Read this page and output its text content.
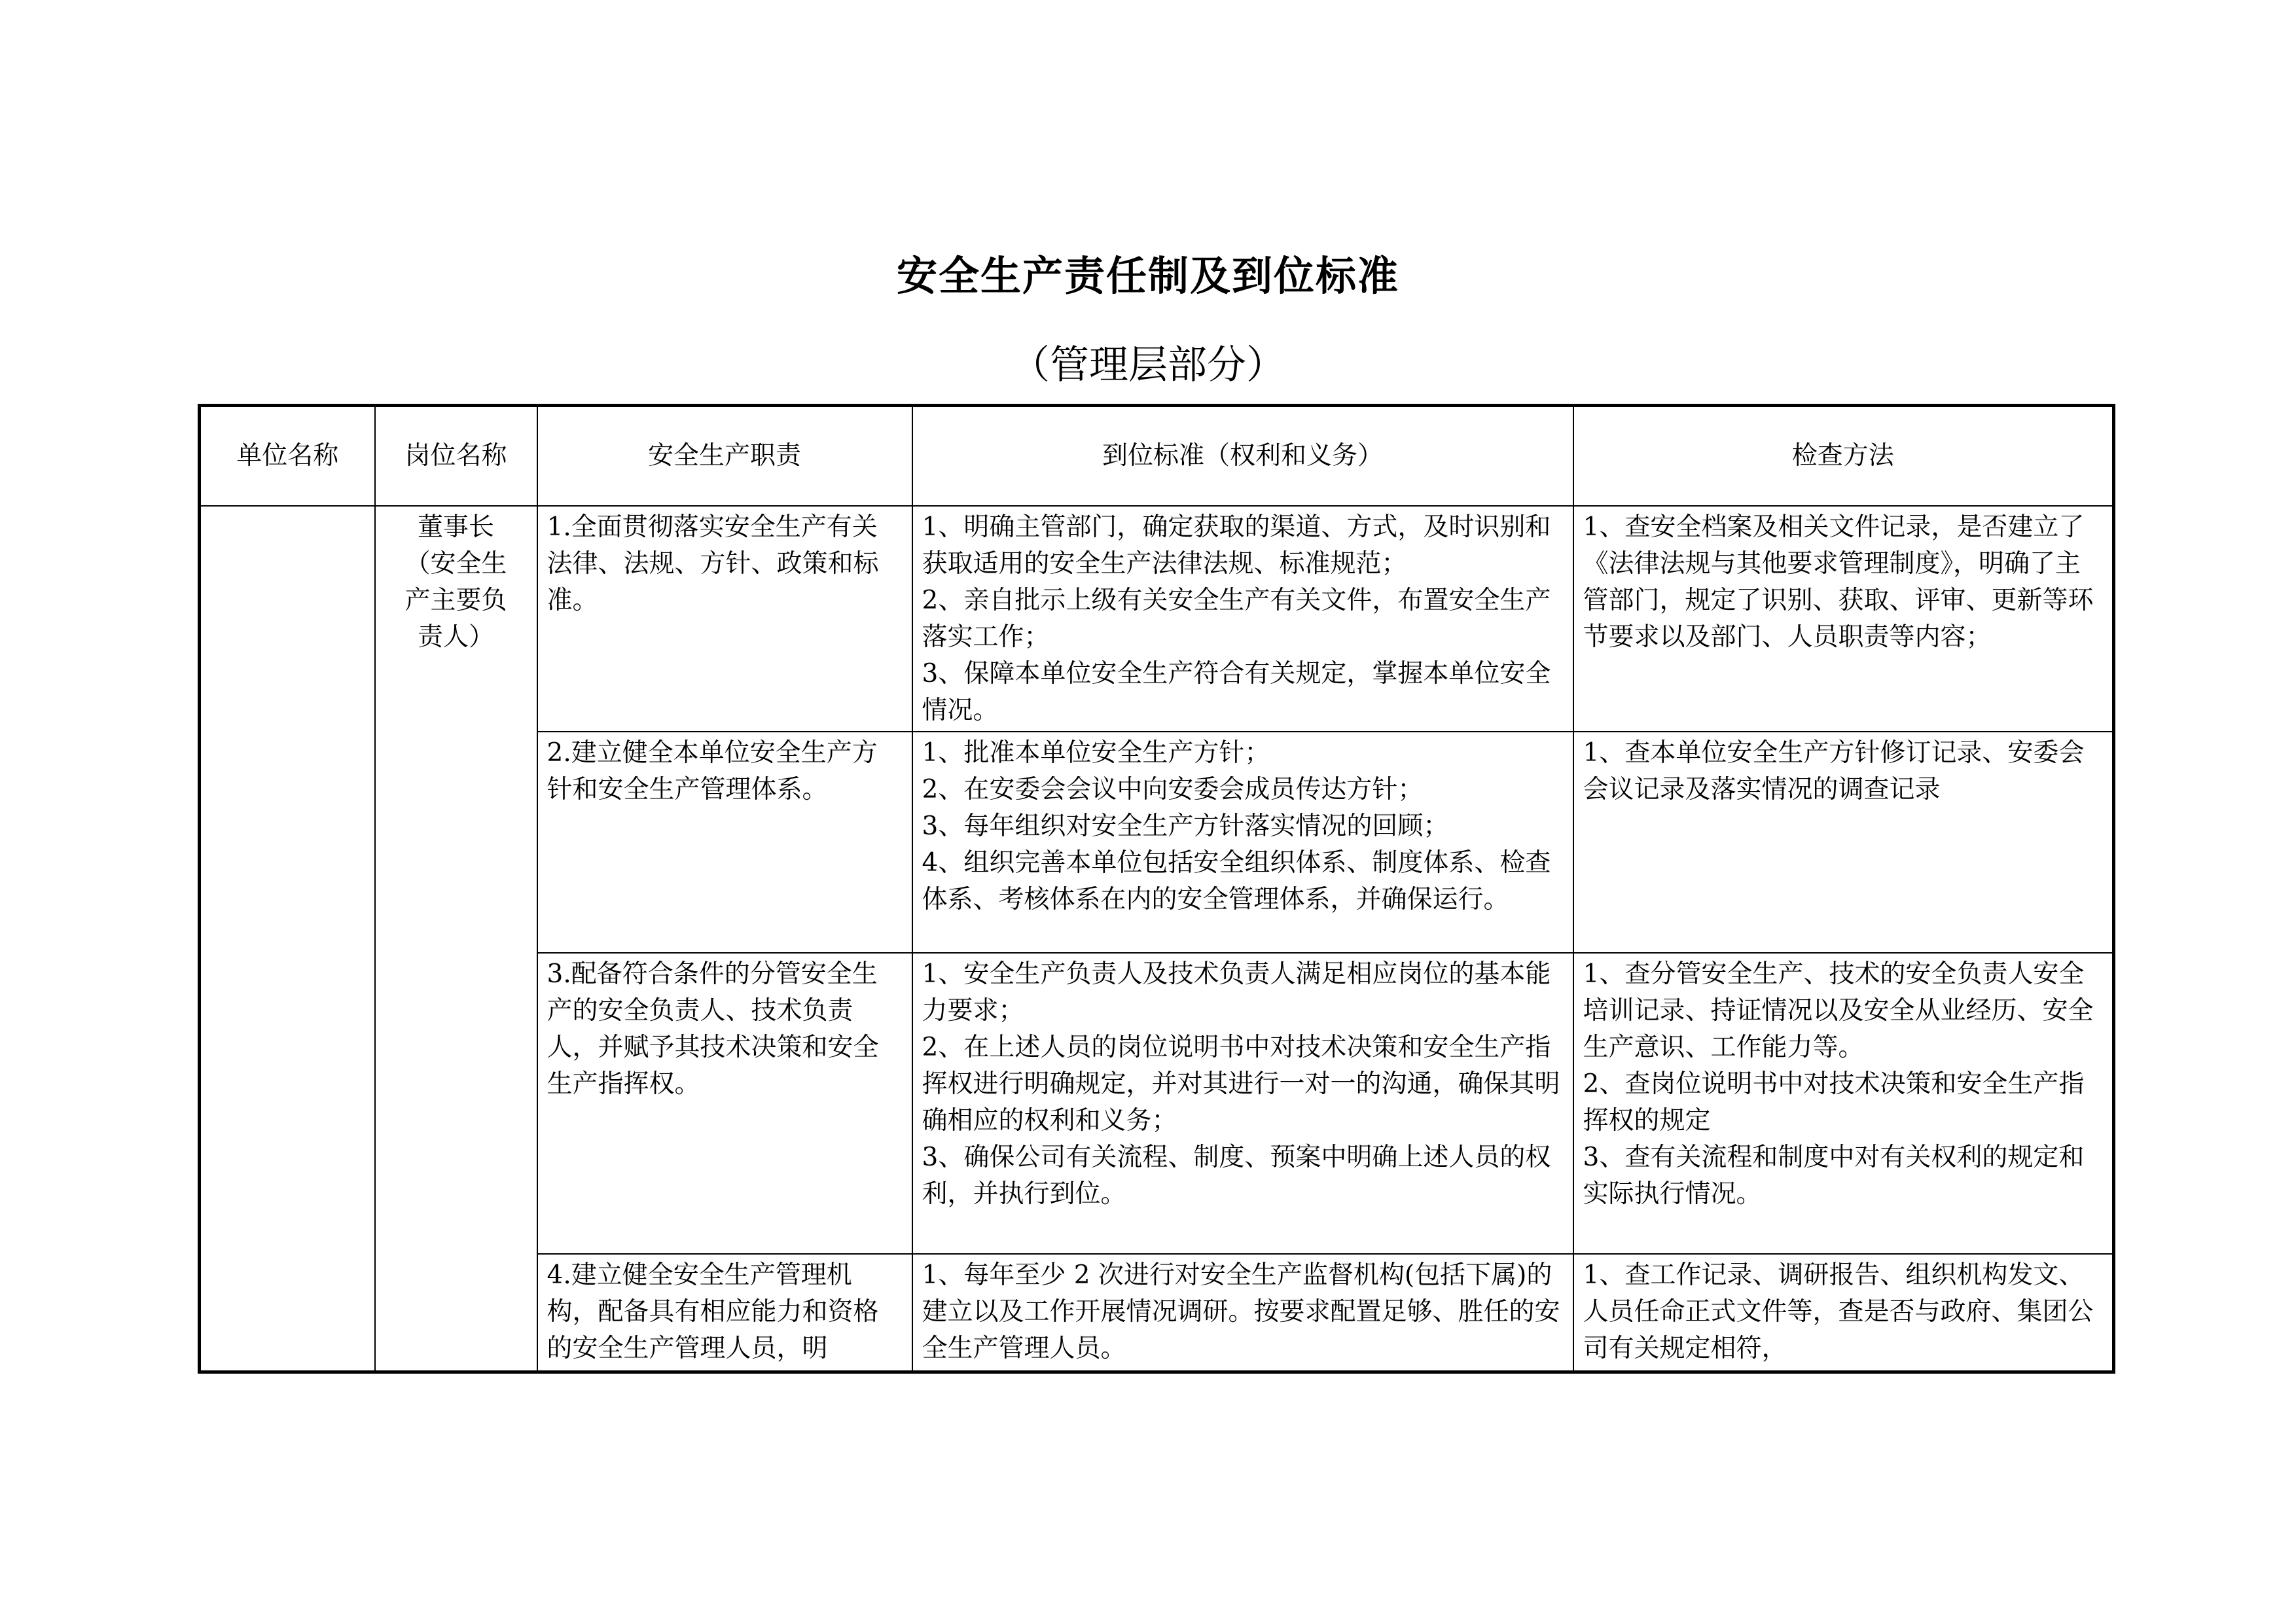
安全生产责任制及到位标准
（管理层部分）
单位名称	岗位名称	安全生产职责	到位标准（权利和义务）	检查方法

	董事长
（安全生
产主要负
责人）	1.全面贯彻落实安全生产有关法律、法规、方针、政策和标准。	1、明确主管部门，确定获取的渠道、方式，及时识别和获取适用的安全生产法律法规、标准规范；
2、亲自批示上级有关安全生产有关文件，布置安全生产落实工作；
3、保障本单位安全生产符合有关规定，掌握本单位安全情况。	1、查安全档案及相关文件记录，是否建立了《法律法规与其他要求管理制度》，明确了主管部门，规定了识别、获取、评审、更新等环节要求以及部门、人员职责等内容；

		2.建立健全本单位安全生产方针和安全生产管理体系。	1、批准本单位安全生产方针；
2、在安委会会议中向安委会成员传达方针；
3、每年组织对安全生产方针落实情况的回顾；
4、组织完善本单位包括安全组织体系、制度体系、检查体系、考核体系在内的安全管理体系，并确保运行。	1、查本单位安全生产方针修订记录、安委会会议记录及落实情况的调查记录

		3.配备符合条件的分管安全生产的安全负责人、技术负责人，并赋予其技术决策和安全生产指挥权。	1、安全生产负责人及技术负责人满足相应岗位的基本能力要求；
2、在上述人员的岗位说明书中对技术决策和安全生产指挥权进行明确规定，并对其进行一对一的沟通，确保其明确相应的权利和义务；
3、确保公司有关流程、制度、预案中明确上述人员的权利，并执行到位。	1、查分管安全生产、技术的安全负责人安全培训记录、持证情况以及安全从业经历、安全生产意识、工作能力等。
2、查岗位说明书中对技术决策和安全生产指挥权的规定
3、查有关流程和制度中对有关权利的规定和实际执行情况。

		4.建立健全安全生产管理机构，配备具有相应能力和资格的安全生产管理人员，明	1、每年至少 2 次进行对安全生产监督机构(包括下属)的建立以及工作开展情况调研。按要求配置足够、胜任的安全生产管理人员。	1、查工作记录、调研报告、组织机构发文、人员任命正式文件等，查是否与政府、集团公司有关规定相符，
